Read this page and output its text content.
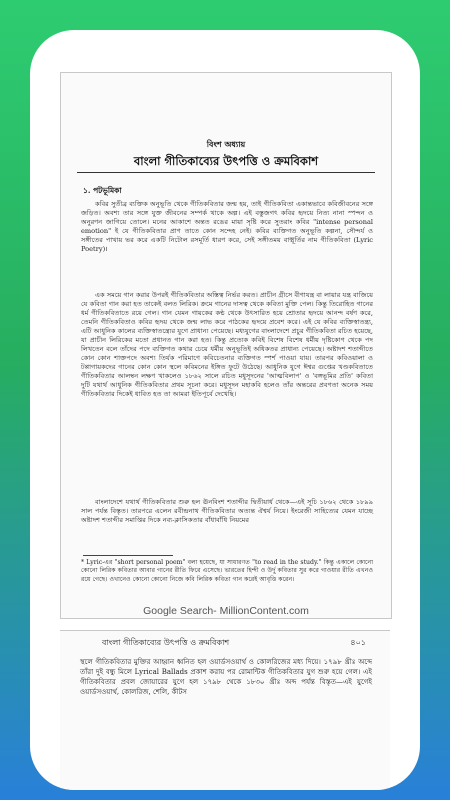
বিংশ অধ্যায়
বাংলা গীতিকাব্যের উৎপত্তি ও ক্রমবিকাশ
১. পটভূমিকা

কবির সুতীব্র ব্যক্তিক অনুভূতি থেকে গীতিকবিতার জন্ম হয়, তাই গীতিকবিতা একান্তভাবে কবিজীবনের সঙ্গে জড়িত। অবশ্য তার সঙ্গে যুক্ত জীবনের সম্পর্ক থাকে অল্প। এই বস্তুজগৎ কবির হৃদয়ে নিত্য নানা স্পন্দন ও অনুরণন জাগিয়ে তোলে। মনের আকাশে অন্তত রঙের মায়া সৃষ্টি করে সুতরাং কবির "intense personal emotion" ই যে গীতিকবিতার প্রাণ তাতে কোন সন্দেহ নেই। কবির ব্যক্তিগত অনুভূতি কল্পনা, সৌন্দর্য ও সঙ্গীতের পাখায় ভর করে একটি নিটোল রসমূর্তি ধারণ করে, সেই সঙ্গীতময় বাক্মূর্তির নাম গীতিকবিতা (Lyric Poetry)।

এক সময়ে গান করার উপরই গীতিকবিতার অস্তিত্ব নির্ভর করত। প্রাচীন গ্রীসে বীণাযন্ত্র বা লায়ার যন্ত্র বাজিয়ে যে কবিতা গান করা হত তাকেই বলত লিরিক। ক্রমে গানের দাসত্ব থেকে কবিতা মুক্তি পেল। কিন্তু তিরোহিত গানের ধর্ম গীতিকবিতাতে রয়ে গেল। গান যেমন গায়কের কণ্ঠ থেকে উৎসারিত হয়ে শ্রোতার হৃদয়ে আনন্দ বর্ষণ করে, তেমনি গীতিকবিতাও কবির হৃদয় থেকে জন্ম লাভ করে পাঠকের হৃদয়ে প্রবেশ করে। এই যে কবির ব্যক্তিস্বাতন্ত্র্য, এটি আধুনিক কালের ব্যক্তিস্বাতন্ত্র্যের যুগে প্রাধান্য পেয়েছে। মধ্যযুগের বাংলাদেশে প্রচুর গীতিকবিতা রচিত হয়েছে, যা প্রাচীন লিরিকের মতো প্রধানত গান করা হত। কিন্তু প্রত্যেক কবিই বিশেষ বিশেষ ধর্মীয় দৃষ্টিকোণ থেকে পদ লিখতেন বলে তাঁদের পদে ব্যক্তিগত কথার চেয়ে ধর্মীয় অনুভূতিই অধিকতর প্রাধান্য পেয়েছে। অষ্টাদশ শতাব্দীতে কোন কোন শাক্তপদে অবশ্য তির্যক পরিমাণে কবিচেতনার ব্যক্তিগত স্পর্শ পাওয়া যায়। তারপর কবিওয়ালা ও টপ্পাগায়কদের গানের কোন কোন স্থলে কবিমনের ইঙ্গিত ফুটে উঠেছে। আধুনিক যুগে ঈশ্বর গুপ্তের খণ্ডকবিতাতে গীতিকবিতার আলম্বন লক্ষণ খাকলেও ১৮৬২ সালে রচিত মধুসূদনের 'আত্মবিলাপ' ও 'বঙ্গভূমির প্রতি' কবিতা দুটি যথার্থ আধুনিক গীতিকবিতার প্রথম সূচনা করে। মধুসূদন মহাকবি হলেও তাঁর অন্তরের প্রবণতা অনেক সময় গীতিকবিতার দিকেই ধাবিত হত তা আমরা ইতিপূর্বে দেখেছি।

বাংলাদেশে যথার্থ গীতিকবিতার শুরু হল ঊনবিংশ শতাব্দীর দ্বিতীয়ার্ধ থেকে—এই সূচি ১৮৬২ থেকে ১৮৯৯ সাল পর্যন্ত বিস্তৃত। তারপরে এলেন রবীন্দ্রনাথ গীতিকবিতার অত্যন্ত ঐশ্বর্য নিয়ে। ইংরেজী সাহিত্যের যেমন যাচ্ছে অষ্টাদশ শতাব্দীর সমাপ্তির দিকে নব্য-ক্লাসিকতার বাঁধাবাঁধি নিয়মের

* Lyric-এর "short personal poem" বলা হয়েছে, যা সাধারণত "to read in the study." কিন্তু একালে কোনো কোনো লিরিক কবিতার আবার গানের রীতি ফিরে এসেছে। ভারতের হিন্দী ও উর্দু কবিতার সুর করে গাওয়ার রীতি এখনও রয়ে গেছে। ওখানেও কোনো কোনো নিজে কবি লিরিক কবিতা গান করেই আবৃত্তি করেন।

Google Search- MillionContent.com
বাংলা গীতিকাব্যের উৎপত্তি ও ক্রমবিকাশ	৪০১

স্থলে গীতিকবিতার মুক্তির আহ্বান ধ্বনিত হল ওয়ার্ডসওয়ার্থ ও কোলরিজের মধ্য দিয়ে। ১৭৯৮ খ্রীঃ অব্দে তাঁরা দুই বন্ধু মিলে Lyrical Ballads প্রকাশ করায় পর রোমান্টিক গীতিকবিতার যুগ শুরু হয়ে গেল। এই গীতিকবিতার প্রবল জোয়ারের যুগে হল ১৭৯৮ থেকে ১৮৩০ খ্রীঃ অব্দ পর্যন্ত বিস্তৃত—এই যুগেই ওয়ার্ডসওয়ার্থ, কোলরিজ, শেলি, কীটস
